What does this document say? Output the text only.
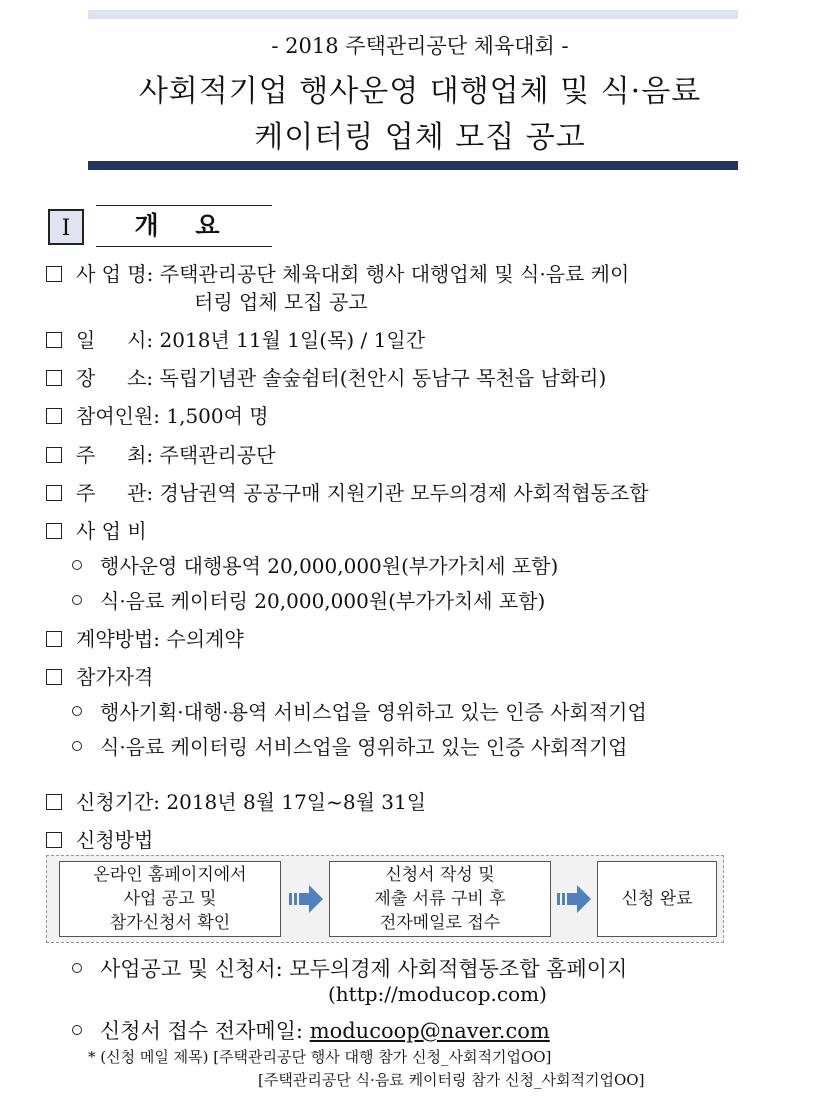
- 2018 주택관리공단 체육대회 -
사회적기업 행사운영 대행업체 및 식·음료
케이터링 업체 모집 공고
Ⅰ	개 요
사 업 명: 주택관리공단 체육대회 행사 대행업체 및 식·음료 케이
터링 업체 모집 공고
일     시: 2018년 11월 1일(목) / 1일간
장     소: 독립기념관 솔숲쉼터(천안시 동남구 목천읍 남화리)
참여인원: 1,500여 명
주     최: 주택관리공단
주     관: 경남권역 공공구매 지원기관 모두의경제 사회적협동조합
사 업 비
행사운영 대행용역 20,000,000원(부가가치세 포함)
식·음료 케이터링 20,000,000원(부가가치세 포함)
계약방법: 수의계약
참가자격
행사기획·대행·용역 서비스업을 영위하고 있는 인증 사회적기업
식·음료 케이터링 서비스업을 영위하고 있는 인증 사회적기업
신청기간: 2018년 8월 17일~8월 31일
신청방법
온라인 홈페이지에서
사업 공고 및
참가신청서 확인
신청서 작성 및
제출 서류 구비 후
전자메일로 접수
신청 완료
사업공고 및 신청서: 모두의경제 사회적협동조합 홈페이지
(http://moducop.com)
신청서 접수 전자메일: moducoop@naver.com
* (신청 메일 제목) [주택관리공단 행사 대행 참가 신청_사회적기업OO]
[주택관리공단 식·음료 케이터링 참가 신청_사회적기업OO]
